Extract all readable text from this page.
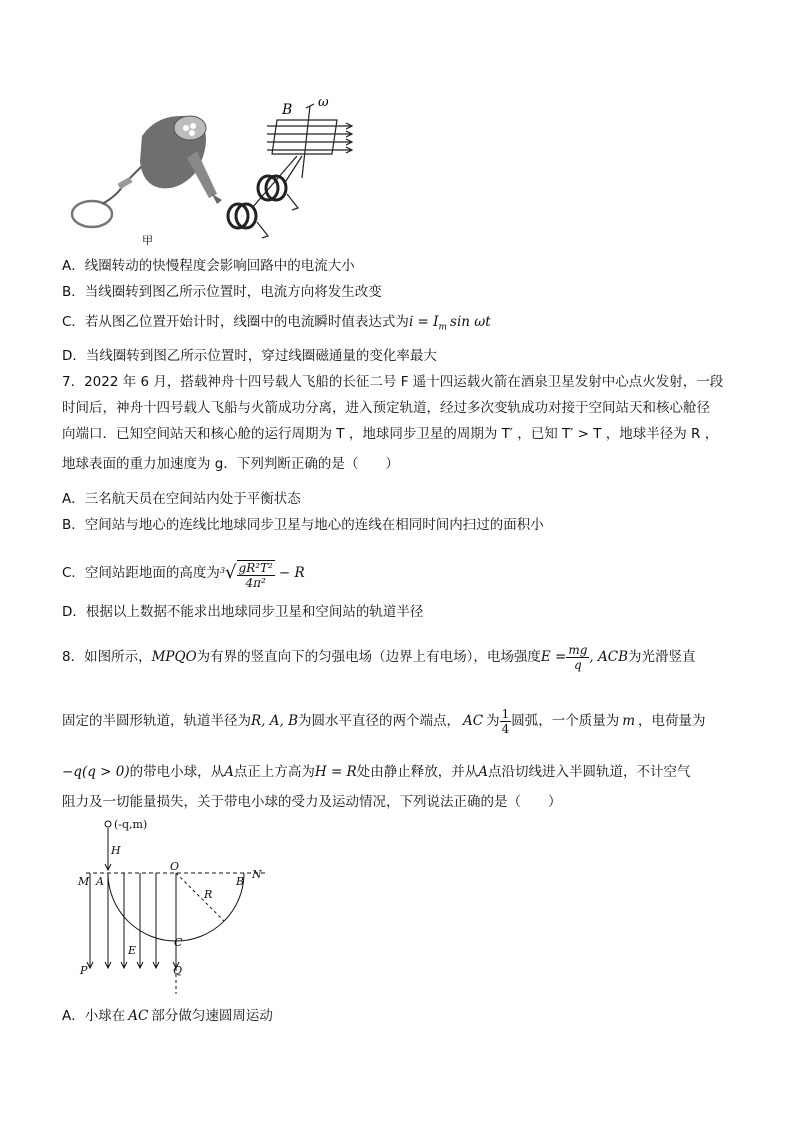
甲
B ω
A．线圈转动的快慢程度会影响回路中的电流大小
B．当线圈转到图乙所示位置时，电流方向将发生改变
C．若从图乙位置开始计时，线圈中的电流瞬时值表达式为$i = I_m$ sin ωt
D．当线圈转到图乙所示位置时，穿过线圈磁通量的变化率最大
7．2022 年 6 月，搭载神舟十四号载人飞船的长征二号 F 遥十四运载火箭在酒泉卫星发射中心点火发射，一段
时间后，神舟十四号载人飞船与火箭成功分离，进入预定轨道，经过多次变轨成功对接于空间站天和核心舱径
向端口．已知空间站天和核心舱的运行周期为 T ，地球同步卫星的周期为 T′ ，已知 T′ > T ，地球半径为 R ，
地球表面的重力加速度为 g．下列判断正确的是（　　）
A．三名航天员在空间站内处于平衡状态
B．空间站与地心的连线比地球同步卫星与地心的连线在相同时间内扫过的面积小
C．空间站距地面的高度为$^3√ \frac{\text{gR²T²}}{\text{4π²}} - R$
D．根据以上数据不能求出地球同步卫星和空间站的轨道半径
8．如图所示，MPQO为有界的竖直向下的匀强电场（边界上有电场），电场强度$E = \frac{mg}{q}$ , ACB为光滑竖直
固定的半圆形轨道，轨道半径为R, A, B为圆水平直径的两个端点， AC 为 $\frac{1}{4}$ 圆弧，一个质量为 m ，电荷量为
−q(q > 0)的带电小球，从A点正上方高为H = R处由静止释放，并从A点沿切线进入半圆轨道，不计空气
阻力及一切能量损失，关于带电小球的受力及运动情况，下列说法正确的是（　　）
(-q,m)
H
M A
O
R
B
N
C
E
P	Q
A．小球在 AC 部分做匀速圆周运动
